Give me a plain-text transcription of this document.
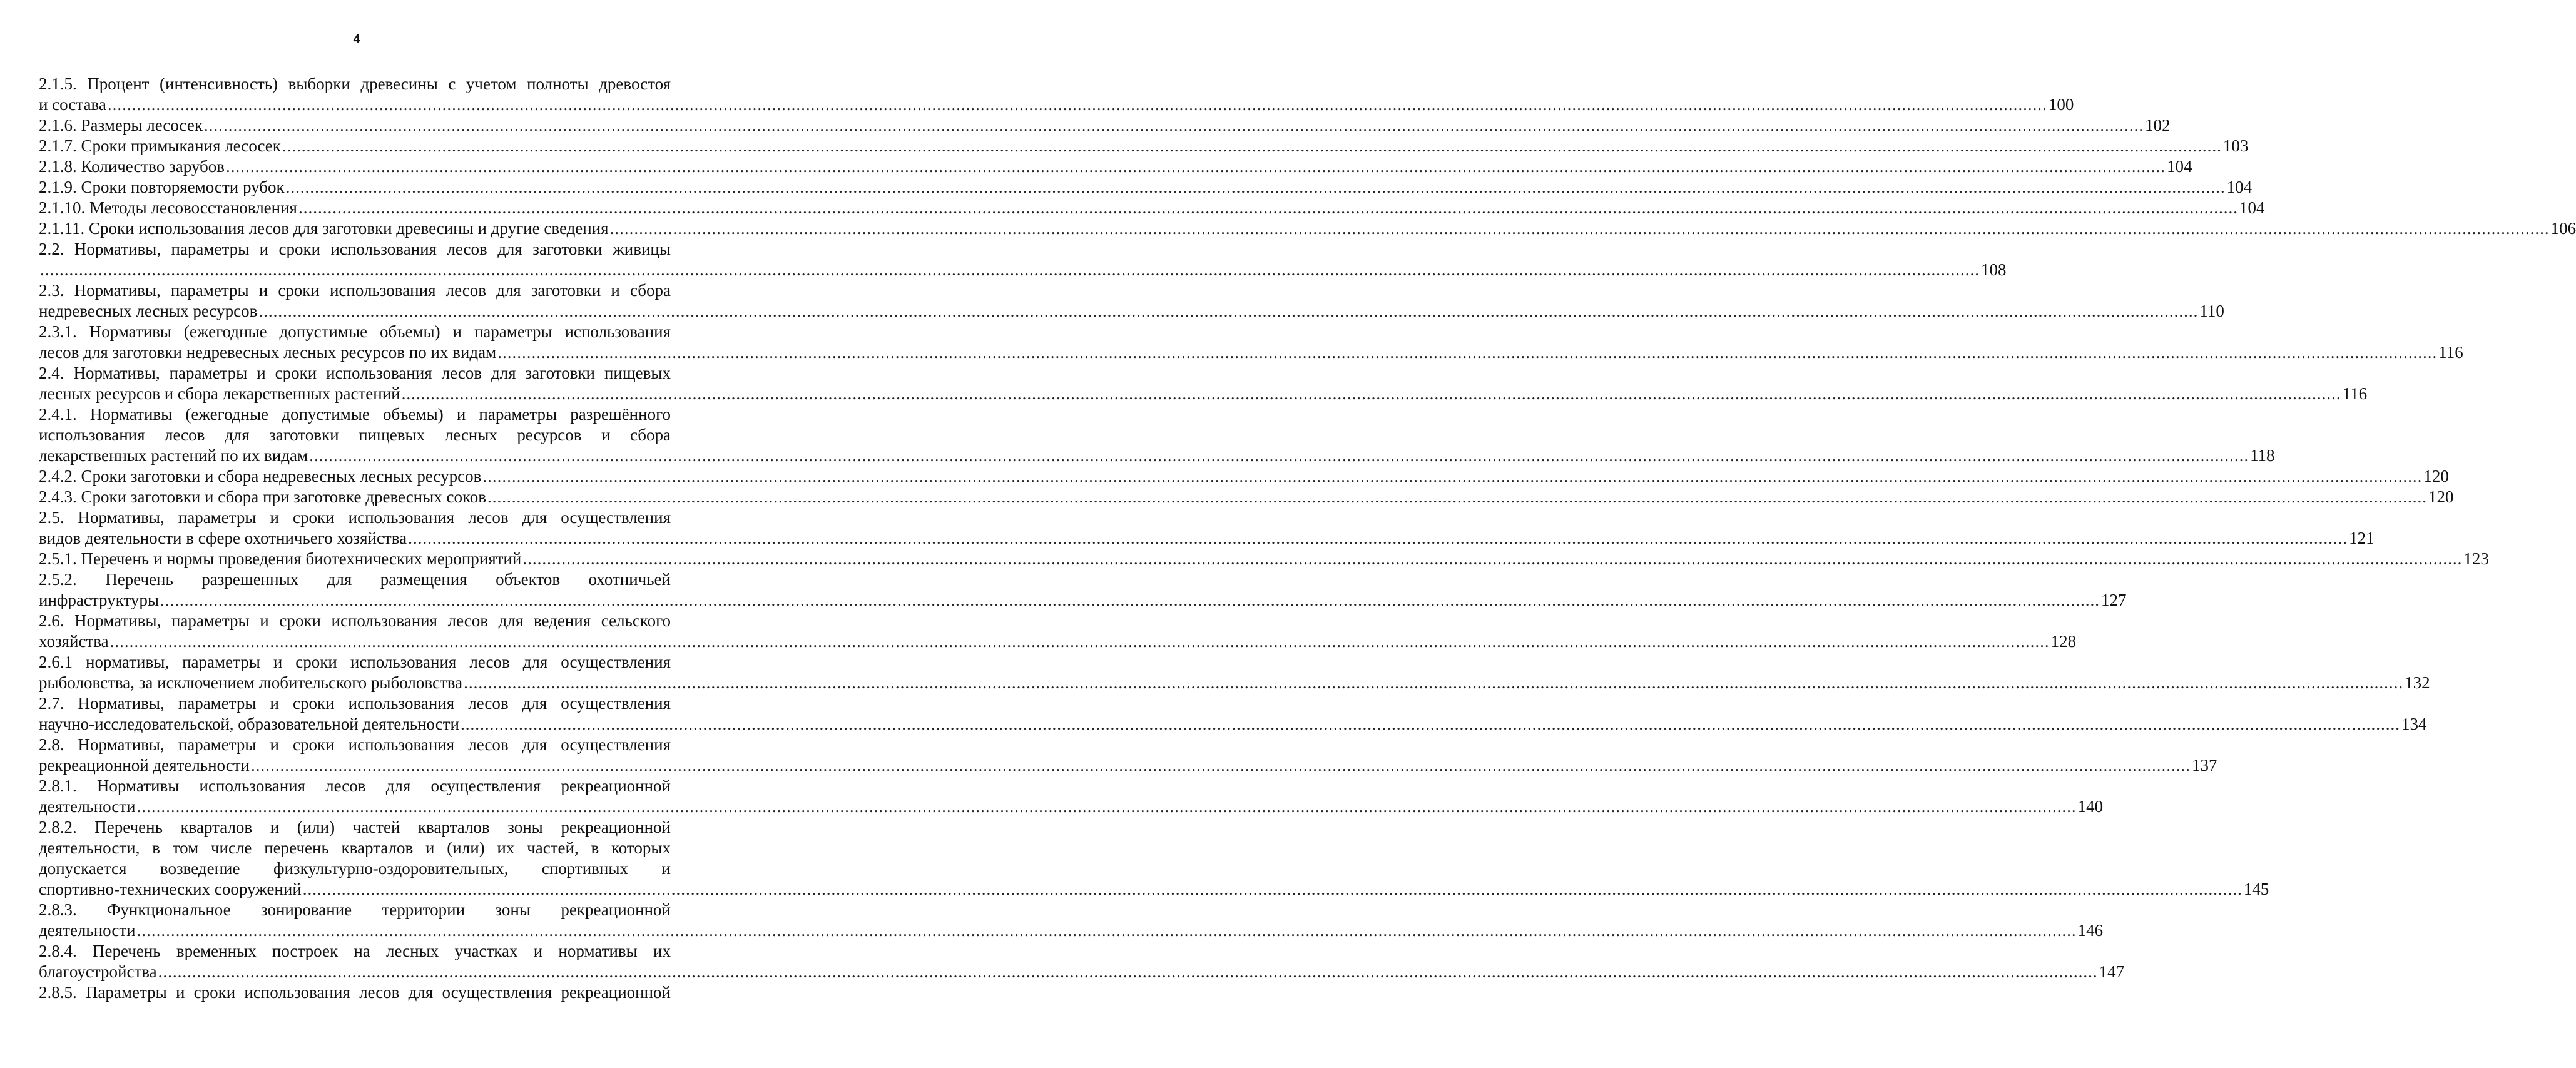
4
2.1.5. Процент (интенсивность) выборки древесины с учетом полноты древостоя
и состава ................................................................................................................................................................................................................................................................................................................................................................................................................ 100
2.1.6. Размеры лесосек ................................................................................................................................................................................................................................................................................................................................................................................................................ 102
2.1.7. Сроки примыкания лесосек ................................................................................................................................................................................................................................................................................................................................................................................................................ 103
2.1.8. Количество зарубов ................................................................................................................................................................................................................................................................................................................................................................................................................ 104
2.1.9. Сроки повторяемости рубок ................................................................................................................................................................................................................................................................................................................................................................................................................ 104
2.1.10. Методы лесовосстановления ................................................................................................................................................................................................................................................................................................................................................................................................................ 104
2.1.11. Сроки использования лесов для заготовки древесины и другие сведения ................................................................................................................................................................................................................................................................................................................................................................................................................ 106
2.2. Нормативы, параметры и сроки использования лесов для заготовки живицы
................................................................................................................................................................................................................................................................................................................................................................................................................ 108
2.3. Нормативы, параметры и сроки использования лесов для заготовки и сбора
недревесных лесных ресурсов ................................................................................................................................................................................................................................................................................................................................................................................................................ 110
2.3.1. Нормативы (ежегодные допустимые объемы) и параметры использования
лесов для заготовки недревесных лесных ресурсов по их видам ................................................................................................................................................................................................................................................................................................................................................................................................................ 116
2.4. Нормативы, параметры и сроки использования лесов для заготовки пищевых
лесных ресурсов и сбора лекарственных растений ................................................................................................................................................................................................................................................................................................................................................................................................................ 116
2.4.1. Нормативы (ежегодные допустимые объемы) и параметры разрешённого
использования лесов для заготовки пищевых лесных ресурсов и сбора
лекарственных растений по их видам ................................................................................................................................................................................................................................................................................................................................................................................................................ 118
2.4.2. Сроки заготовки и сбора недревесных лесных ресурсов ................................................................................................................................................................................................................................................................................................................................................................................................................ 120
2.4.3. Сроки заготовки и сбора при заготовке древесных соков ................................................................................................................................................................................................................................................................................................................................................................................................................ 120
2.5. Нормативы, параметры и сроки использования лесов для осуществления
видов деятельности в сфере охотничьего хозяйства ................................................................................................................................................................................................................................................................................................................................................................................................................ 121
2.5.1. Перечень и нормы проведения биотехнических мероприятий ................................................................................................................................................................................................................................................................................................................................................................................................................ 123
2.5.2. Перечень разрешенных для размещения объектов охотничьей
инфраструктуры ................................................................................................................................................................................................................................................................................................................................................................................................................ 127
2.6. Нормативы, параметры и сроки использования лесов для ведения сельского
хозяйства ................................................................................................................................................................................................................................................................................................................................................................................................................ 128
2.6.1 нормативы, параметры и сроки использования лесов для осуществления
рыболовства, за исключением любительского рыболовства ................................................................................................................................................................................................................................................................................................................................................................................................................ 132
2.7. Нормативы, параметры и сроки использования лесов для осуществления
научно-исследовательской, образовательной деятельности ................................................................................................................................................................................................................................................................................................................................................................................................................ 134
2.8. Нормативы, параметры и сроки использования лесов для осуществления
рекреационной деятельности ................................................................................................................................................................................................................................................................................................................................................................................................................ 137
2.8.1. Нормативы использования лесов для осуществления рекреационной
деятельности ................................................................................................................................................................................................................................................................................................................................................................................................................ 140
2.8.2. Перечень кварталов и (или) частей кварталов зоны рекреационной
деятельности, в том числе перечень кварталов и (или) их частей, в которых
допускается возведение физкультурно-оздоровительных, спортивных и
спортивно-технических сооружений ................................................................................................................................................................................................................................................................................................................................................................................................................ 145
2.8.3. Функциональное зонирование территории зоны рекреационной
деятельности ................................................................................................................................................................................................................................................................................................................................................................................................................ 146
2.8.4. Перечень временных построек на лесных участках и нормативы их
благоустройства ................................................................................................................................................................................................................................................................................................................................................................................................................ 147
2.8.5. Параметры и сроки использования лесов для осуществления рекреационной
